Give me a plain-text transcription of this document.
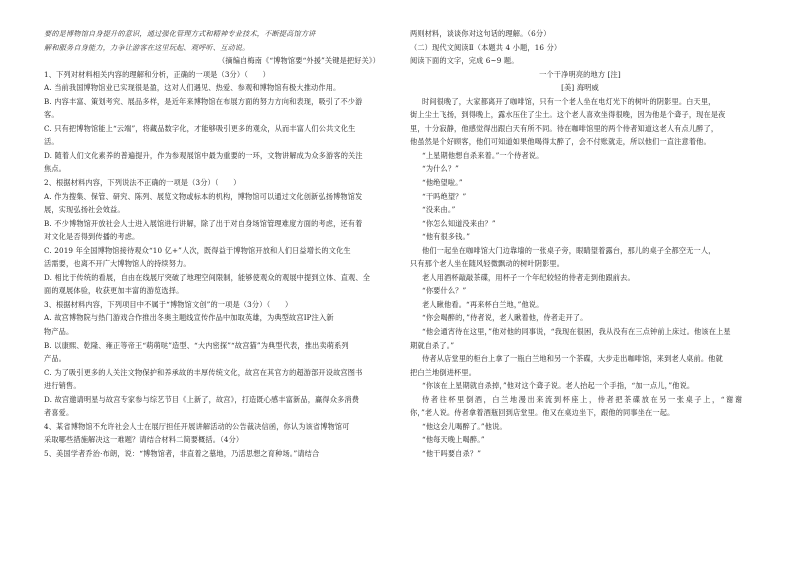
要的是博物馆自身提升的意识，通过强化管理方式和精神专业技术，不断提高馆方讲
解和服务自身能力，力争让游客在这里玩起、观呼听、互动说。
（摘编自梅南《“博物馆要“外援”关键是把好关》）
1、下列对材料相关内容的理解和分析，正确的一项是（3分）（　　）
A. 当前我国博物馆业已实现很是盈，这对人们遇见、热爱、参观和博物馆有极大推动作用。
B. 内容丰富、策划考究、展品多样，是近年来博物馆在布展方面的努力方向和表现，吸引了不少游
客。
C. 只有把博物馆能上“云端”，将藏品数字化，才能够吸引更多的观众，从而丰富人们公共文化生
活。
D. 随着人们文化素养的普遍提升，作为参观展馆中最为重要的一环，文物讲解成为众多游客的关注
焦点。
2、根据材料内容，下列说法不正确的一项是（3分）（　　）
A. 作为搜集、保管、研究、陈列、展览文物或标本的机构，博物馆可以通过文化创新弘扬博物馆发
展，实现弘扬社会效益。
B. 不少博物馆开放社会人士进入展馆进行讲解，除了出于对自身场馆管理难度方面的考虑，还有着
对文化是否得到传播的考虑。
C. 2019 年全国博物馆接待观众“10 亿+”人次，既得益于博物馆开放和人们日益增长的文化生
活需要，也离不开广大博物馆人的持续努力。
D. 相比于传统的看展，自由在线展厅突破了地理空间限制，能够使观众的观展中提到立体、直观、全
面的观展体验，收获更加丰富的游览选择。
3、根据材料内容，下列项目中不属于“博物馆文创”的一项是（3分）（　　）
A. 故宫博物院与热门游戏合作推出冬奥主题线宣传作品中加取英雄，为典型故宫IP注入新
物产品。
B. 以康熙、乾隆、雍正等帝王“萌萌哒”造型、“大内密探”“故宫猫”为典型代表，推出卖萌系列
产品。
C. 为了吸引更多的人关注文物保护和养承故的丰厚传统文化，故宫在其官方的超游部开设故宫图书
进行销售。
D. 故宫邀请明星与故宫专家参与综艺节目《上新了，故宫》，打造既心感丰富新品，赢得众多消费
者喜爱。
4、某省博物馆不允许社会人士在展厅担任开展讲解活动的公告裁决信函，你认为该省博物馆可
采取哪些措施解决这一难题？请结合材料二简要概括。（4分）
5、美国学者乔治·布朗，说：“博物馆者，非直着之墓地，乃活思想之育种场。”请结合
两则材料，谈谈你对这句话的理解。（6分）
（二）现代文阅读Ⅱ（本题共 4 小题，16 分）
阅读下面的文字，完成 6~9 题。
一个干净明亮的地方 [注]
[美] 海明威
时间很晚了，大家都离开了咖啡馆，只有一个老人坐在电灯光下的树叶的阴影里。白天里，
街上尘土飞扬，到得晚上，露水压住了尘土。这个老人喜欢坐得很晚，因为他是个聋子，现在是夜
里，十分寂静，他感觉得出跟白天有所不同。待在咖啡馆里的两个侍者知道这老人有点儿醉了，
他虽然是个好顾客，他们可知道如果他喝得太醉了，会不付账就走，所以他们一直注意着他。
“上星期他想自杀来着。”一个侍者说。
“为什么？”
“他绝望啦。”
“干吗绝望？”
“没来由。”
“你怎么知道没来由？”
“他有很多钱。”
他们一起坐在咖啡馆大门边靠墙的一张桌子旁，眼睛望着露台，那儿的桌子全都空无一人，
只有那个老人坐在随风轻微飘动的树叶阴影里。
老人用酒杯敲敲茶碟，用杯子一个年纪较轻的侍者走到他跟前去。
“你要什么？”
老人瞅他看。“再来杯白兰地，”他说。
“你会喝醉的，”侍者说，老人瞅着他，侍者走开了。
“他会通宵待在这里，”他对他的同事说，“我现在很困，我从没有在三点钟前上床过。他该在上星
期就自杀了。”
侍者从店堂里的柜台上拿了一瓶白兰地和另一个茶碟，大步走出咖啡馆，来到老人桌前。他就
把白兰地倒进杯里。
“你该在上星期就自杀掉，”他对这个聋子说。老人抬起一个手指，“加一点儿，”他说。
侍者往杯里倒酒，白兰地漫出来流到杯座上，侍者把茶碟放在另一张桌子上，“谢谢
你，”老人说。侍者拿着酒瓶回到店堂里。他又在桌边坐下，跟他的同事坐在一起。
“他这会儿喝醉了。”他说。
“他每天晚上喝醉。”
“他干吗要自杀？”
